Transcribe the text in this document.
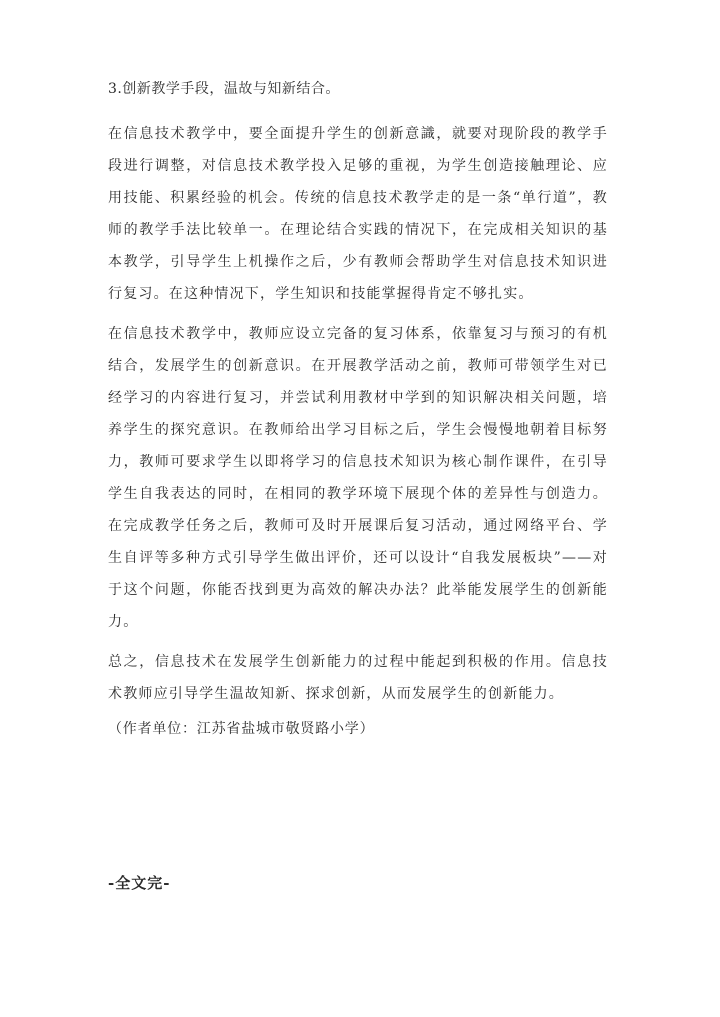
3.创新教学手段，温故与知新结合。

在信息技术教学中，要全面提升学生的创新意識，就要对现阶段的教学手段进行调整，对信息技术教学投入足够的重视，为学生创造接触理论、应用技能、积累经验的机会。传统的信息技术教学走的是一条“单行道”，教师的教学手法比较单一。在理论结合实践的情况下，在完成相关知识的基本教学，引导学生上机操作之后，少有教师会帮助学生对信息技术知识进行复习。在这种情况下，学生知识和技能掌握得肯定不够扎实。

在信息技术教学中，教师应设立完备的复习体系，依靠复习与预习的有机结合，发展学生的创新意识。在开展教学活动之前，教师可带领学生对已经学习的内容进行复习，并尝试利用教材中学到的知识解决相关问题，培养学生的探究意识。在教师给出学习目标之后，学生会慢慢地朝着目标努力，教师可要求学生以即将学习的信息技术知识为核心制作课件，在引导学生自我表达的同时，在相同的教学环境下展现个体的差异性与创造力。在完成教学任务之后，教师可及时开展课后复习活动，通过网络平台、学生自评等多种方式引导学生做出评价，还可以设计“自我发展板块”——对于这个问题，你能否找到更为高效的解决办法？此举能发展学生的创新能力。

总之，信息技术在发展学生创新能力的过程中能起到积极的作用。信息技术教师应引导学生温故知新、探求创新，从而发展学生的创新能力。

（作者单位：江苏省盐城市敬贤路小学）

-全文完-
